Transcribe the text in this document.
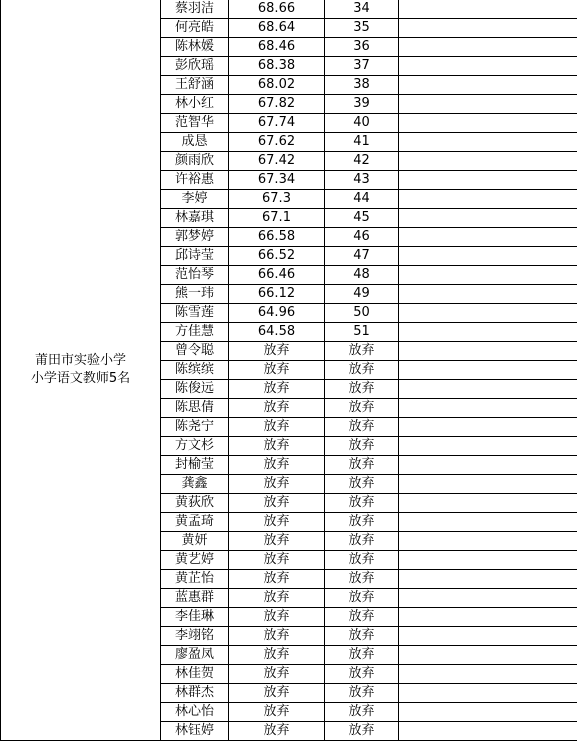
莆田市实验小学
小学语文教师5名	蔡羽洁	68.66	34	
	何亮皓	68.64	35	
	陈林媛	68.46	36	
	彭欣瑶	68.38	37	
	王舒涵	68.02	38	
	林小红	67.82	39	
	范智华	67.74	40	
	成恳	67.62	41	
	颜雨欣	67.42	42	
	许裕惠	67.34	43	
	李婷	67.3	44	
	林嘉琪	67.1	45	
	郭梦婷	66.58	46	
	邱诗莹	66.52	47	
	范怡琴	66.46	48	
	熊一玮	66.12	49	
	陈雪莲	64.96	50	
	方佳慧	64.58	51	
	曾令聪	放弃	放弃	
	陈缤缤	放弃	放弃	
	陈俊远	放弃	放弃	
	陈思倩	放弃	放弃	
	陈尧宁	放弃	放弃	
	方文杉	放弃	放弃	
	封榆莹	放弃	放弃	
	龚鑫	放弃	放弃	
	黄荻欣	放弃	放弃	
	黄孟琦	放弃	放弃	
	黄妍	放弃	放弃	
	黄艺婷	放弃	放弃	
	黄芷怡	放弃	放弃	
	蓝惠群	放弃	放弃	
	李佳琳	放弃	放弃	
	李翊铭	放弃	放弃	
	廖盈凤	放弃	放弃	
	林佳贺	放弃	放弃	
	林群杰	放弃	放弃	
	林心怡	放弃	放弃	
	林钰婷	放弃	放弃	
